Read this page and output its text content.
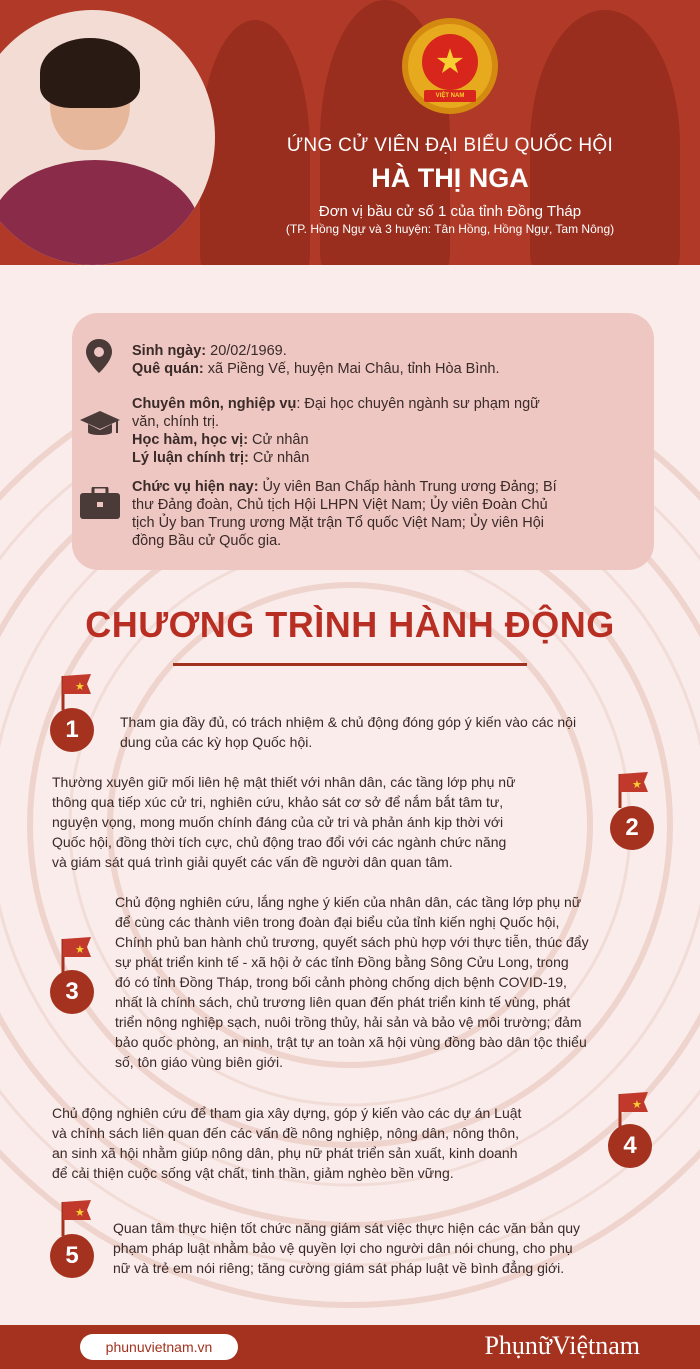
★
VIỆT NAM
ỨNG CỬ VIÊN ĐẠI BIỂU QUỐC HỘI
HÀ THỊ NGA
Đơn vị bầu cử số 1 của tỉnh Đồng Tháp
(TP. Hồng Ngự và 3 huyện: Tân Hồng, Hồng Ngự, Tam Nông)
Sinh ngày: 20/02/1969.
Quê quán: xã Piềng Vế, huyện Mai Châu, tỉnh Hòa Bình.
Chuyên môn, nghiệp vụ: Đại học chuyên ngành sư phạm ngữ
văn, chính trị.
Học hàm, học vị: Cử nhân
Lý luận chính trị: Cử nhân
Chức vụ hiện nay: Ủy viên Ban Chấp hành Trung ương Đảng; Bí
thư Đảng đoàn, Chủ tịch Hội LHPN Việt Nam; Ủy viên Đoàn Chủ
tịch Ủy ban Trung ương Mặt trận Tổ quốc Việt Nam; Ủy viên Hội
đồng Bầu cử Quốc gia.
CHƯƠNG TRÌNH HÀNH ĐỘNG
★
1	Tham gia đầy đủ, có trách nhiệm & chủ động đóng góp ý kiến vào các nội
dung của các kỳ họp Quốc hội.
Thường xuyên giữ mối liên hệ mật thiết với nhân dân, các tầng lớp phụ nữ
thông qua tiếp xúc cử tri, nghiên cứu, khảo sát cơ sở để nắm bắt tâm tư,
nguyện vọng, mong muốn chính đáng của cử tri và phản ánh kịp thời với
Quốc hội, đồng thời tích cực, chủ động trao đổi với các ngành chức năng
và giám sát quá trình giải quyết các vấn đề người dân quan tâm.
★
2
★
3
Chủ động nghiên cứu, lắng nghe ý kiến của nhân dân, các tầng lớp phụ nữ
để cùng các thành viên trong đoàn đại biểu của tỉnh kiến nghị Quốc hội,
Chính phủ ban hành chủ trương, quyết sách phù hợp với thực tiễn, thúc đẩy
sự phát triển kinh tế - xã hội ở các tỉnh Đồng bằng Sông Cửu Long, trong
đó có tỉnh Đồng Tháp, trong bối cảnh phòng chống dịch bệnh COVID-19,
nhất là chính sách, chủ trương liên quan đến phát triển kinh tế vùng, phát
triển nông nghiệp sạch, nuôi trồng thủy, hải sản và bảo vệ môi trường; đảm
bảo quốc phòng, an ninh, trật tự an toàn xã hội vùng đồng bào dân tộc thiểu
số, tôn giáo vùng biên giới.
Chủ động nghiên cứu để tham gia xây dựng, góp ý kiến vào các dự án Luật
và chính sách liên quan đến các vấn đề nông nghiệp, nông dân, nông thôn,
an sinh xã hội nhằm giúp nông dân, phụ nữ phát triển sản xuất, kinh doanh
để cải thiện cuộc sống vật chất, tinh thần, giảm nghèo bền vững.
★
4
★
5
Quan tâm thực hiện tốt chức năng giám sát việc thực hiện các văn bản quy
phạm pháp luật nhằm bảo vệ quyền lợi cho người dân nói chung, cho phụ
nữ và trẻ em nói riêng; tăng cường giám sát pháp luật về bình đẳng giới.
phunuvietnam.vn	PhụnữViệtnam
